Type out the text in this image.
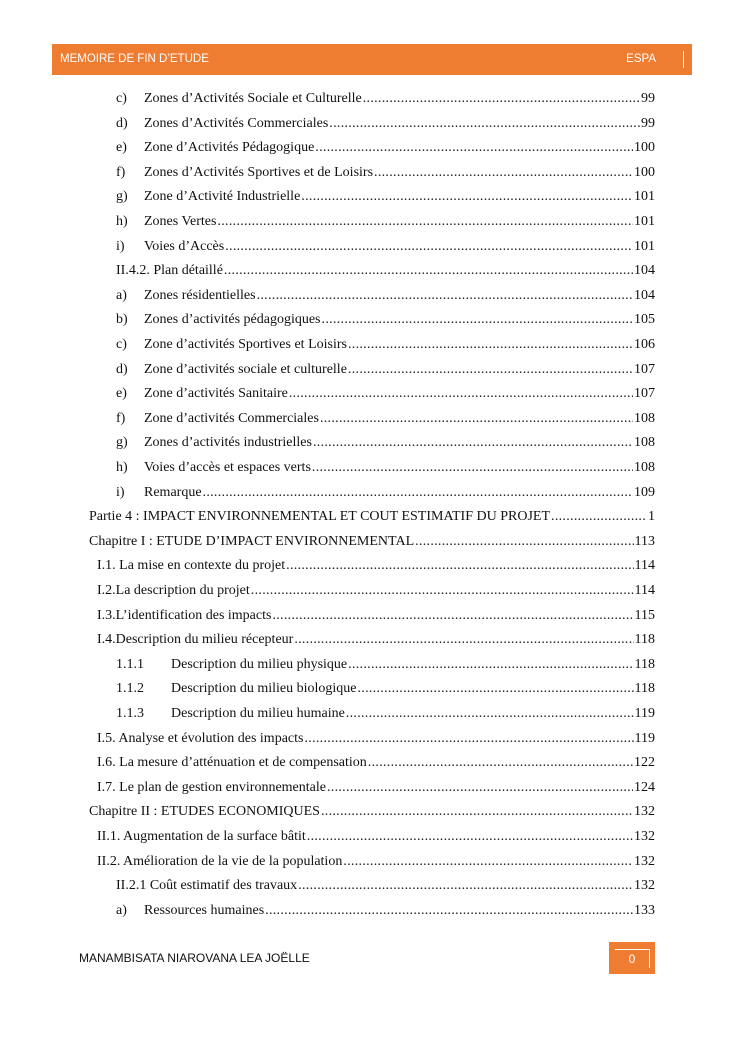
MEMOIRE DE FIN D’ETUDE	ESPA
c)	Zones d’Activités Sociale et Culturelle . . .	99
d)	Zones d’Activités Commerciales . . .	99
e)	Zone d’Activités Pédagogique . . .	100
f)	Zones d’Activités Sportives et de Loisirs . . .	100
g)	Zone d’Activité Industrielle . . .	101
h)	Zones Vertes . . .	101
i)	Voies d’Accès . . .	101
II.4.2. Plan détaillé . . .	104
a)	Zones résidentielles . . .	104
b)	Zones d’activités pédagogiques . . .	105
c)	Zone d’activités Sportives et Loisirs . . .	106
d)	Zone d’activités sociale et culturelle . . .	107
e)	Zone d’activités Sanitaire . . .	107
f)	Zone d’activités Commerciales . . .	108
g)	Zones d’activités industrielles . . .	108
h)	Voies d’accès et espaces verts . . .	108
i)	Remarque . . .	109
Partie 4 : IMPACT ENVIRONNEMENTAL ET COUT ESTIMATIF DU PROJET . . .	1
Chapitre I : ETUDE D’IMPACT ENVIRONNEMENTAL . . .	113
I.1. La mise en contexte du projet . . .	114
I.2.La description du projet . . .	114
I.3.L’identification des impacts . . .	115
I.4.Description du milieu récepteur . . .	118
1.1.1	Description du milieu physique . . .	118
1.1.2	Description du milieu biologique . . .	118
1.1.3	Description du milieu humaine . . .	119
I.5. Analyse et évolution des impacts . . .	119
I.6. La mesure d’atténuation et de compensation . . .	122
I.7. Le plan de gestion environnementale . . .	124
Chapitre II : ETUDES ECONOMIQUES . . .	132
II.1. Augmentation de la surface bâtit . . .	132
II.2. Amélioration de la vie de la population . . .	132
II.2.1 Coût estimatif des travaux . . .	132
a)	Ressources humaines . . .	133
MANAMBISATA NIAROVANA LEA JOËLLE	0
